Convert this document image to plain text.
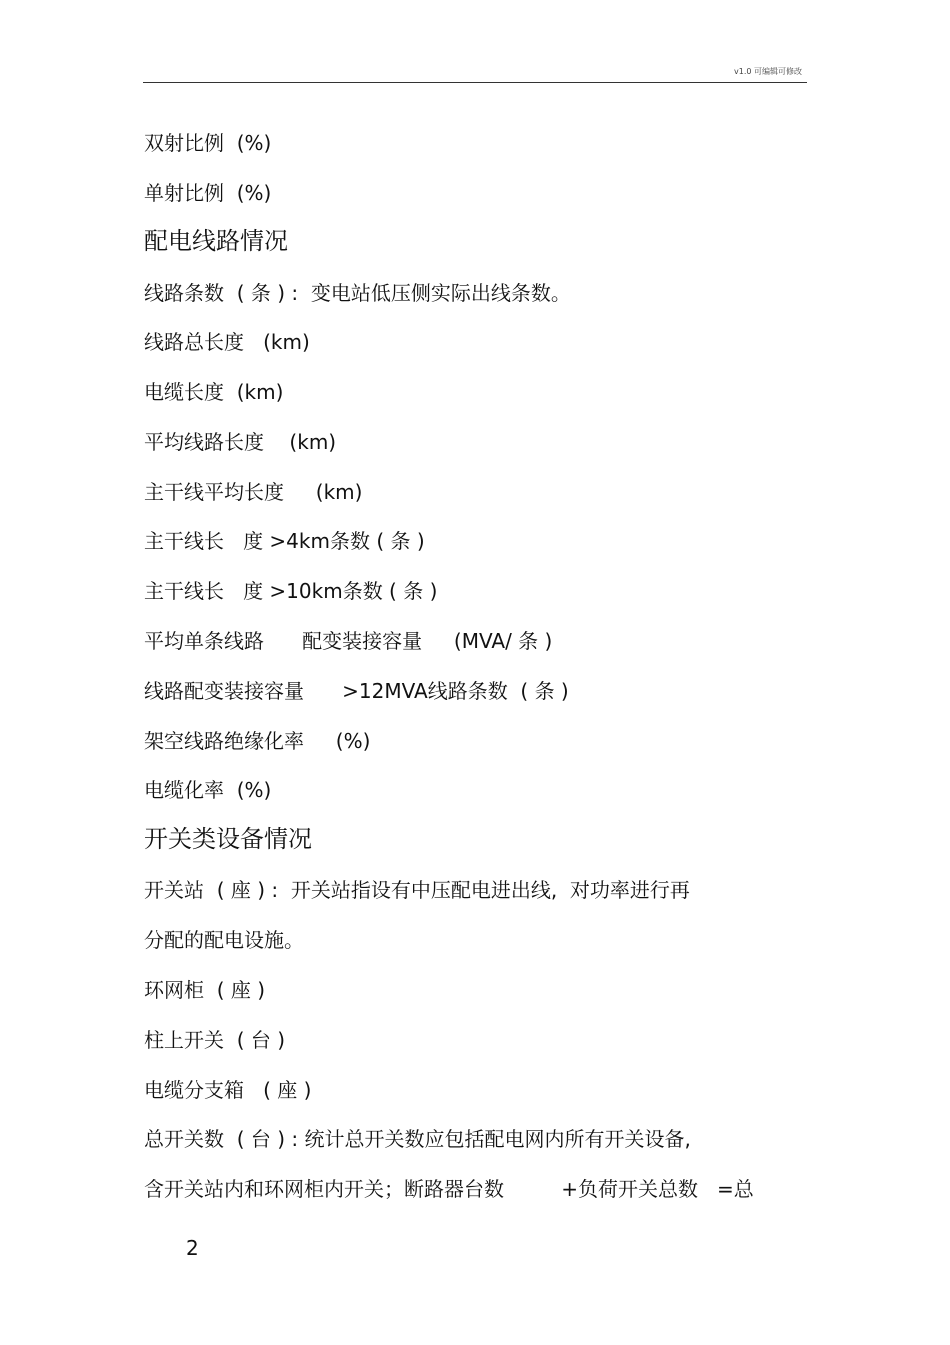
v1.0 可编辑可修改
双射比例  (%)
单射比例  (%)
配电线路情况
线路条数  ( 条 ) :  变电站低压侧实际出线条数。
线路总长度   (km)
电缆长度  (km)
平均线路长度    (km)
主干线平均长度     (km)
主干线长   度 >4km条数 ( 条 )
主干线长   度 >10km条数 ( 条 )
平均单条线路      配变装接容量     (MVA/ 条 )
线路配变装接容量      >12MVA线路条数  ( 条 )
架空线路绝缘化率     (%)
电缆化率  (%)
开关类设备情况
开关站  ( 座 ) :  开关站指设有中压配电进出线,  对功率进行再
分配的配电设施。
环网柜  ( 座 )
柱上开关  ( 台 )
电缆分支箱   ( 座 )
总开关数  ( 台 ) : 统计总开关数应包括配电网内所有开关设备,
含开关站内和环网柜内开关；断路器台数         +负荷开关总数   =总
2
